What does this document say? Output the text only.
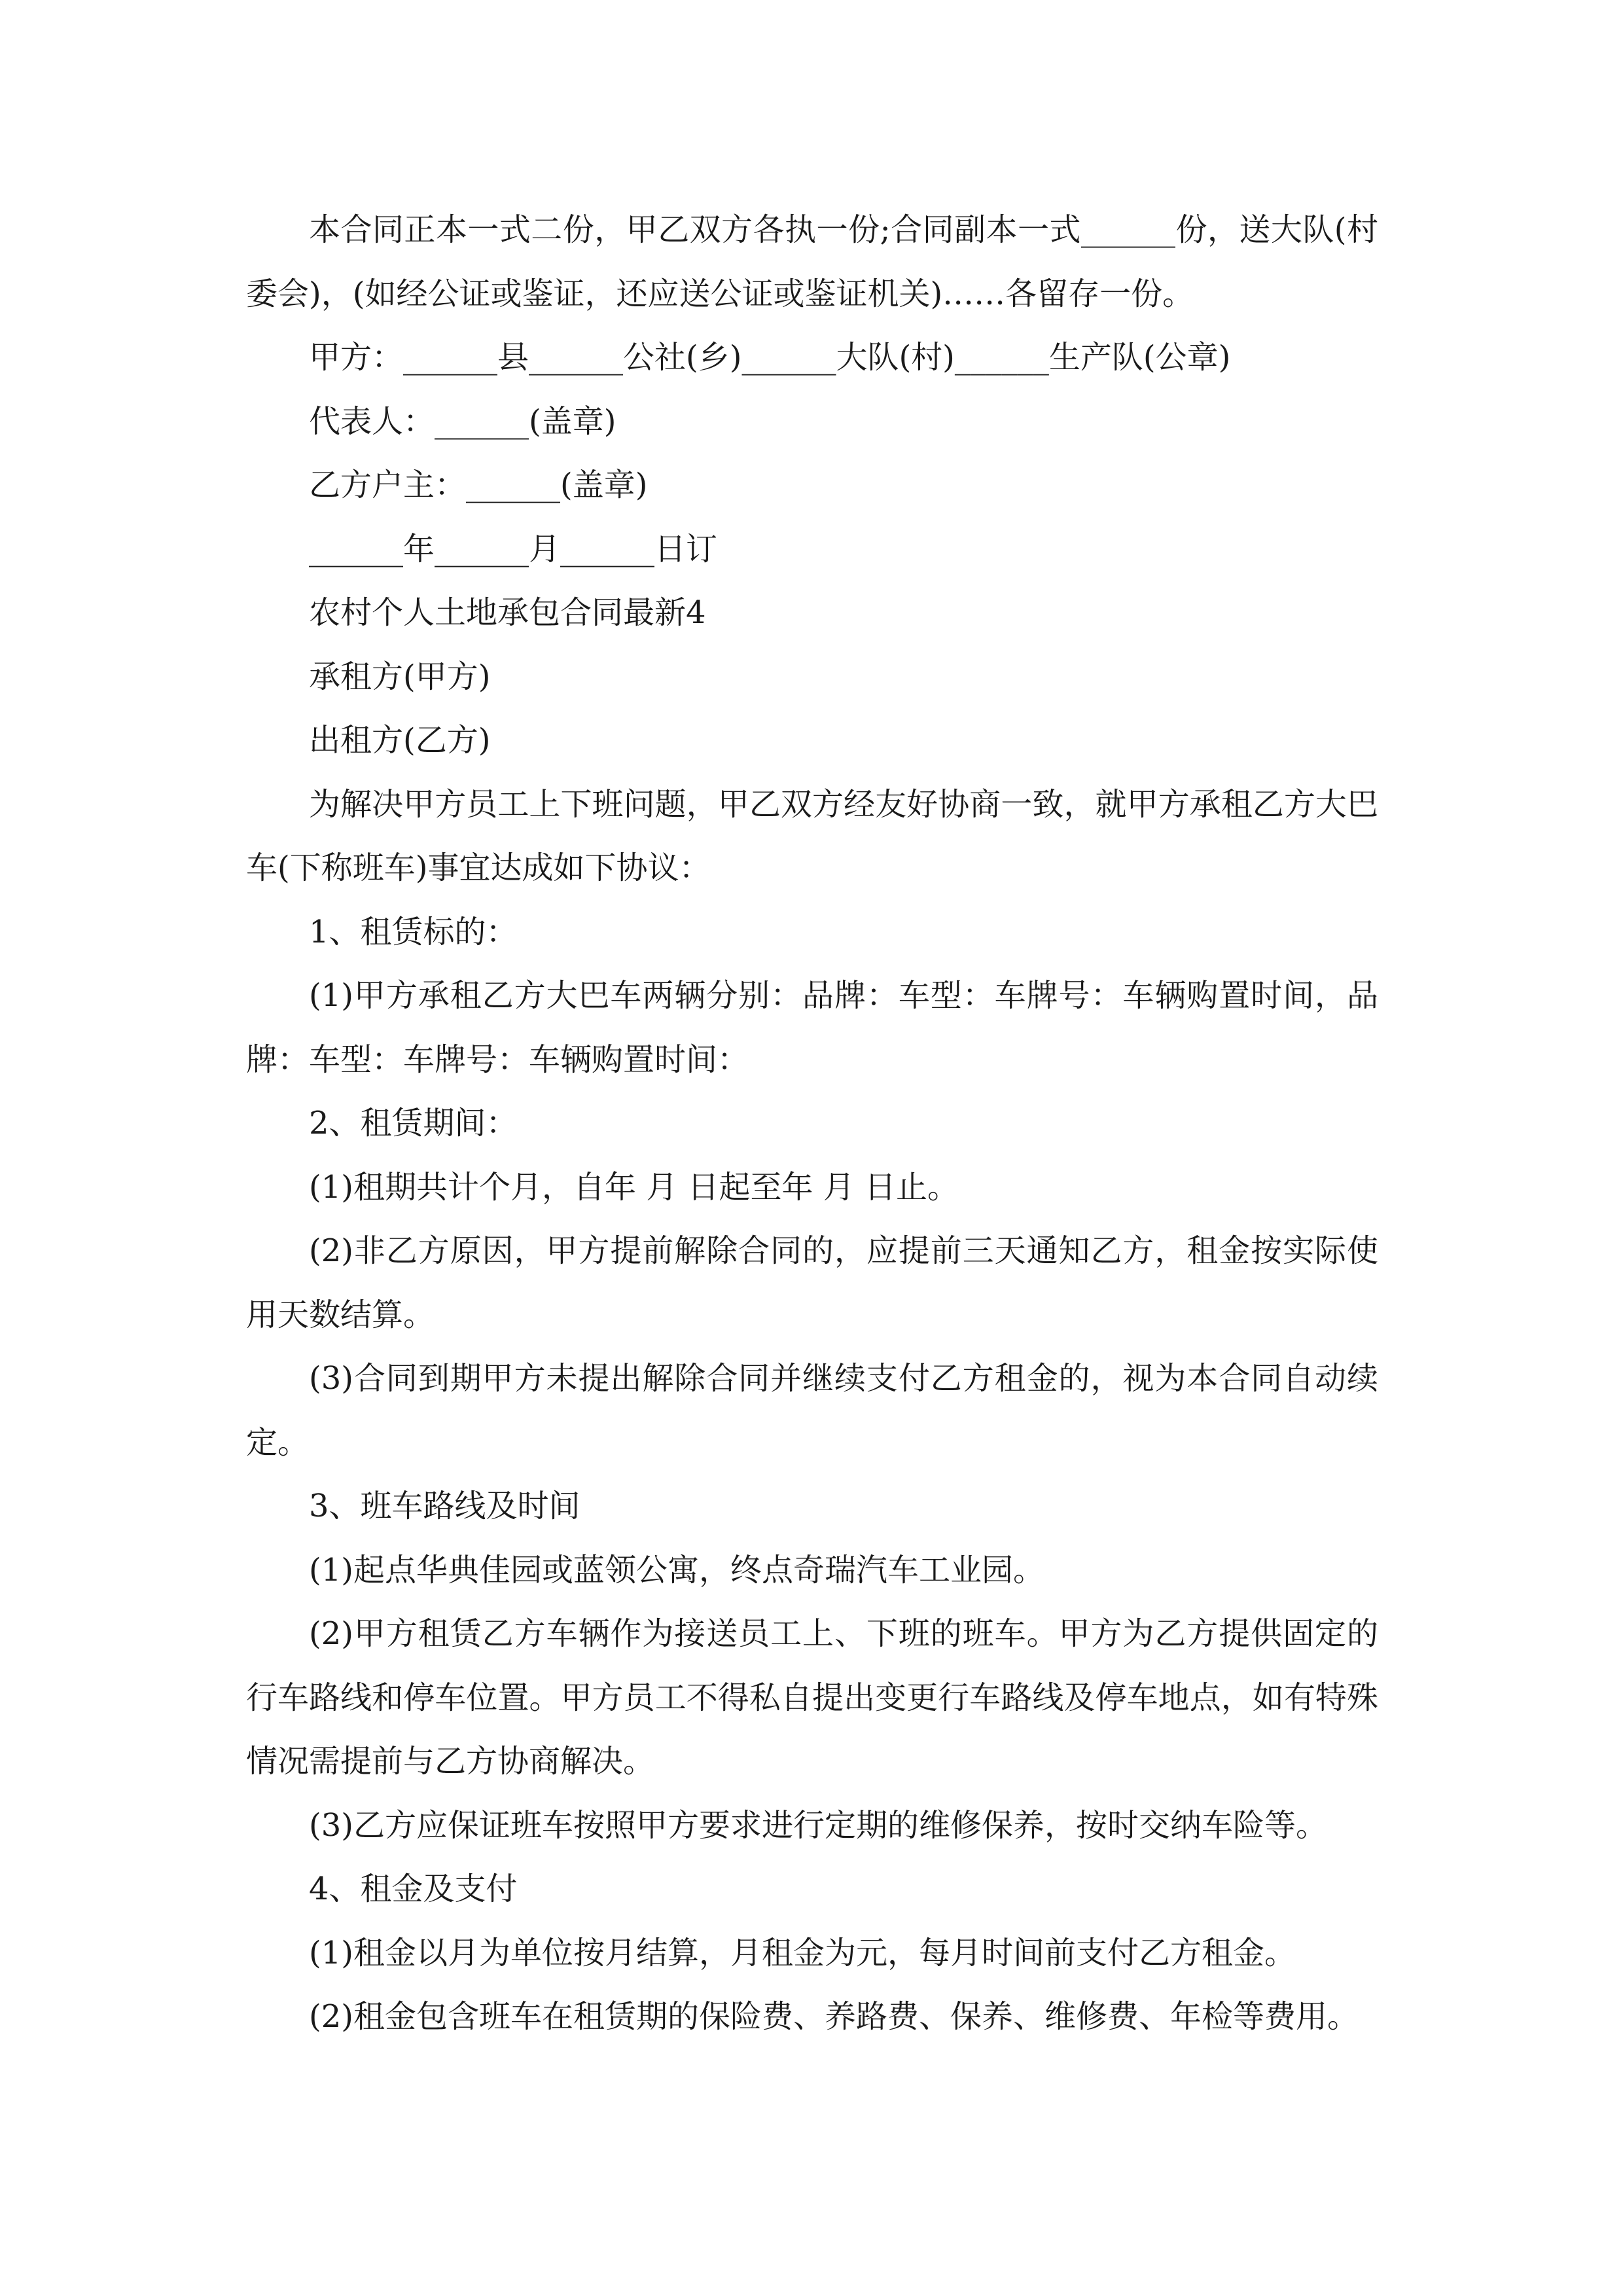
本合同正本一式二份，甲乙双方各执一份;合同副本一式______份，送大队(村委会)，(如经公证或鉴证，还应送公证或鉴证机关)……各留存一份。

甲方：______县______公社(乡)______大队(村)______生产队(公章)

代表人：______(盖章)

乙方户主：______(盖章)

______年______月______日订

农村个人土地承包合同最新4

承租方(甲方)

出租方(乙方)

为解决甲方员工上下班问题，甲乙双方经友好协商一致，就甲方承租乙方大巴车(下称班车)事宜达成如下协议：

1、租赁标的：

(1)甲方承租乙方大巴车两辆分别：品牌：车型：车牌号：车辆购置时间，品牌：车型：车牌号：车辆购置时间：

2、租赁期间：

(1)租期共计个月，自年 月 日起至年 月 日止。

(2)非乙方原因，甲方提前解除合同的，应提前三天通知乙方，租金按实际使用天数结算。

(3)合同到期甲方未提出解除合同并继续支付乙方租金的，视为本合同自动续定。

3、班车路线及时间

(1)起点华典佳园或蓝领公寓，终点奇瑞汽车工业园。

(2)甲方租赁乙方车辆作为接送员工上、下班的班车。甲方为乙方提供固定的行车路线和停车位置。甲方员工不得私自提出变更行车路线及停车地点，如有特殊情况需提前与乙方协商解决。

(3)乙方应保证班车按照甲方要求进行定期的维修保养，按时交纳车险等。

4、租金及支付

(1)租金以月为单位按月结算，月租金为元，每月时间前支付乙方租金。

(2)租金包含班车在租赁期的保险费、养路费、保养、维修费、年检等费用。
